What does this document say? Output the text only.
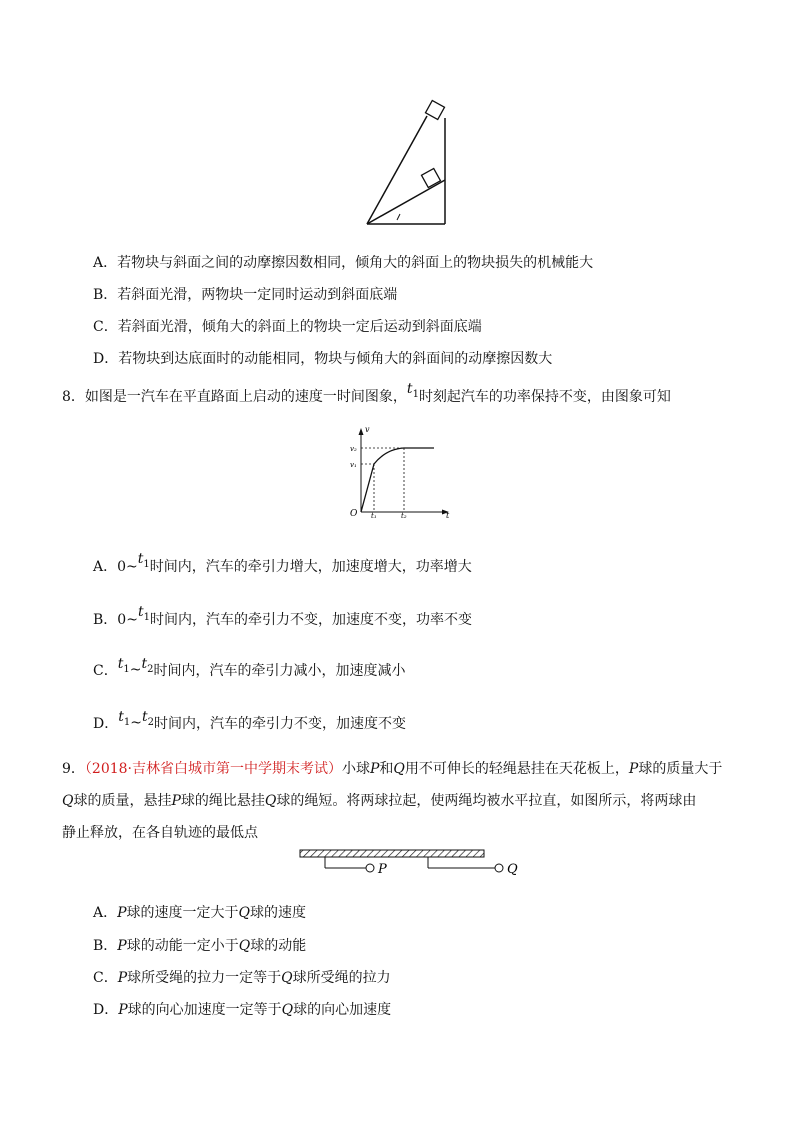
A．若物块与斜面之间的动摩擦因数相同，倾角大的斜面上的物块损失的机械能大
B．若斜面光滑，两物块一定同时运动到斜面底端
C．若斜面光滑，倾角大的斜面上的物块一定后运动到斜面底端
D．若物块到达底面时的动能相同，物块与倾角大的斜面间的动摩擦因数大
8．如图是一汽车在平直路面上启动的速度一时间图象，$t_1$时刻起汽车的功率保持不变，由图象可知
v
v₂
v₁
O t₁	t₂	t
A．$0\sim t_1$时间内，汽车的牵引力增大，加速度增大，功率增大
B．$0\sim t_1$时间内，汽车的牵引力不变，加速度不变，功率不变
C．$t_1\sim t_2$时间内，汽车的牵引力减小，加速度减小
D．$t_1\sim t_2$时间内，汽车的牵引力不变，加速度不变
9．（2018·吉林省白城市第一中学期末考试）小球P和Q用不可伸长的轻绳悬挂在天花板上，P球的质量大于
Q球的质量，悬挂P球的绳比悬挂Q球的绳短。将两球拉起，使两绳均被水平拉直，如图所示，将两球由
静止释放，在各自轨迹的最低点
P	Q
A．P球的速度一定大于Q球的速度
B．P球的动能一定小于Q球的动能
C．P球所受绳的拉力一定等于Q球所受绳的拉力
D．P球的向心加速度一定等于Q球的向心加速度
